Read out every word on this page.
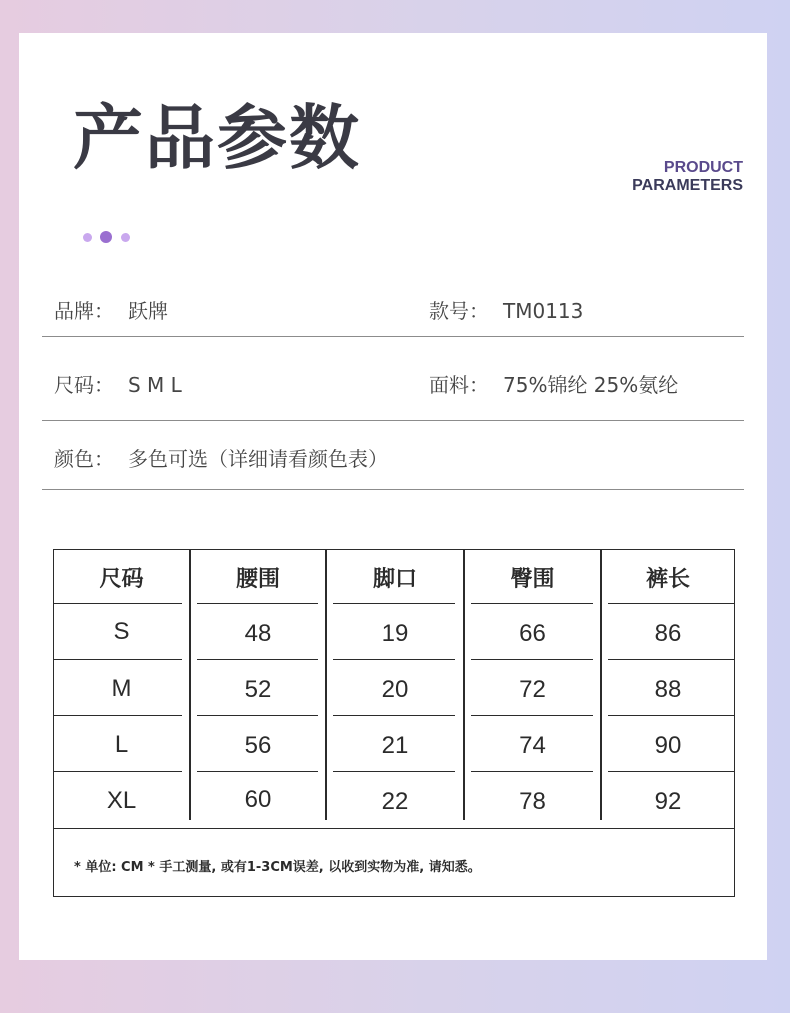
产品参数	PRODUCT
PARAMETERS
品牌： 跃牌	款号： TM0113
尺码： S M L	面料： 75%锦纶 25%氨纶
颜色： 多色可选（详细请看颜色表）
尺码	腰围	脚口	臀围	裤长
S	48	19	66	86
M	52	20	72	88
L	56	21	74	90
XL	60	22	78	92
* 单位: CM * 手工测量, 或有1-3CM误差, 以收到实物为准, 请知悉。
